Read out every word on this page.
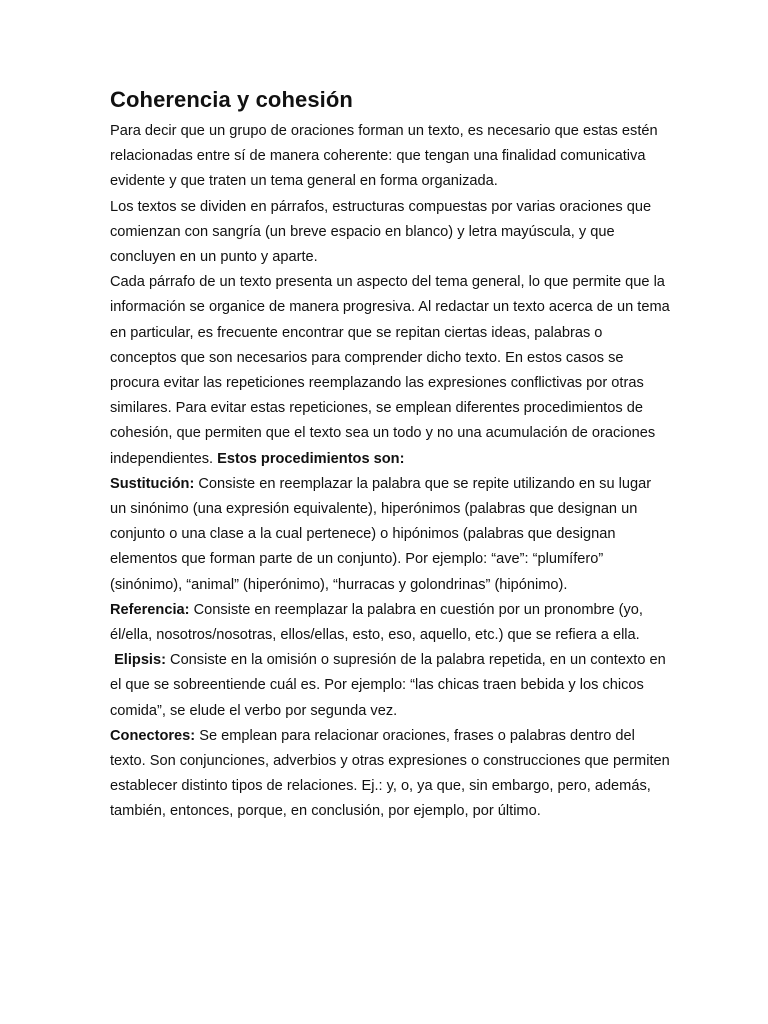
Coherencia y cohesión

Para decir que un grupo de oraciones forman un texto, es necesario que estas estén relacionadas entre sí de manera coherente: que tengan una finalidad comunicativa evidente y que traten un tema general en forma organizada.

Los textos se dividen en párrafos, estructuras compuestas por varias oraciones que comienzan con sangría (un breve espacio en blanco) y letra mayúscula, y que concluyen en un punto y aparte.

Cada párrafo de un texto presenta un aspecto del tema general, lo que permite que la información se organice de manera progresiva. Al redactar un texto acerca de un tema en particular, es frecuente encontrar que se repitan ciertas ideas, palabras o conceptos que son necesarios para comprender dicho texto. En estos casos se procura evitar las repeticiones reemplazando las expresiones conflictivas por otras similares. Para evitar estas repeticiones, se emplean diferentes procedimientos de cohesión, que permiten que el texto sea un todo y no una acumulación de oraciones independientes. Estos procedimientos son:

Sustitución: Consiste en reemplazar la palabra que se repite utilizando en su lugar un sinónimo (una expresión equivalente), hiperónimos (palabras que designan un conjunto o una clase a la cual pertenece) o hipónimos (palabras que designan elementos que forman parte de un conjunto). Por ejemplo: “ave”: “plumífero” (sinónimo), “animal” (hiperónimo), “hurracas y golondrinas” (hipónimo).

Referencia: Consiste en reemplazar la palabra en cuestión por un pronombre (yo, él/ella, nosotros/nosotras, ellos/ellas, esto, eso, aquello, etc.) que se refiera a ella.

Elipsis: Consiste en la omisión o supresión de la palabra repetida, en un contexto en el que se sobreentiende cuál es. Por ejemplo: “las chicas traen bebida y los chicos comida”, se elude el verbo por segunda vez.

Conectores: Se emplean para relacionar oraciones, frases o palabras dentro del texto. Son conjunciones, adverbios y otras expresiones o construcciones que permiten establecer distinto tipos de relaciones. Ej.: y, o, ya que, sin embargo, pero, además, también, entonces, porque, en conclusión, por ejemplo, por último.
